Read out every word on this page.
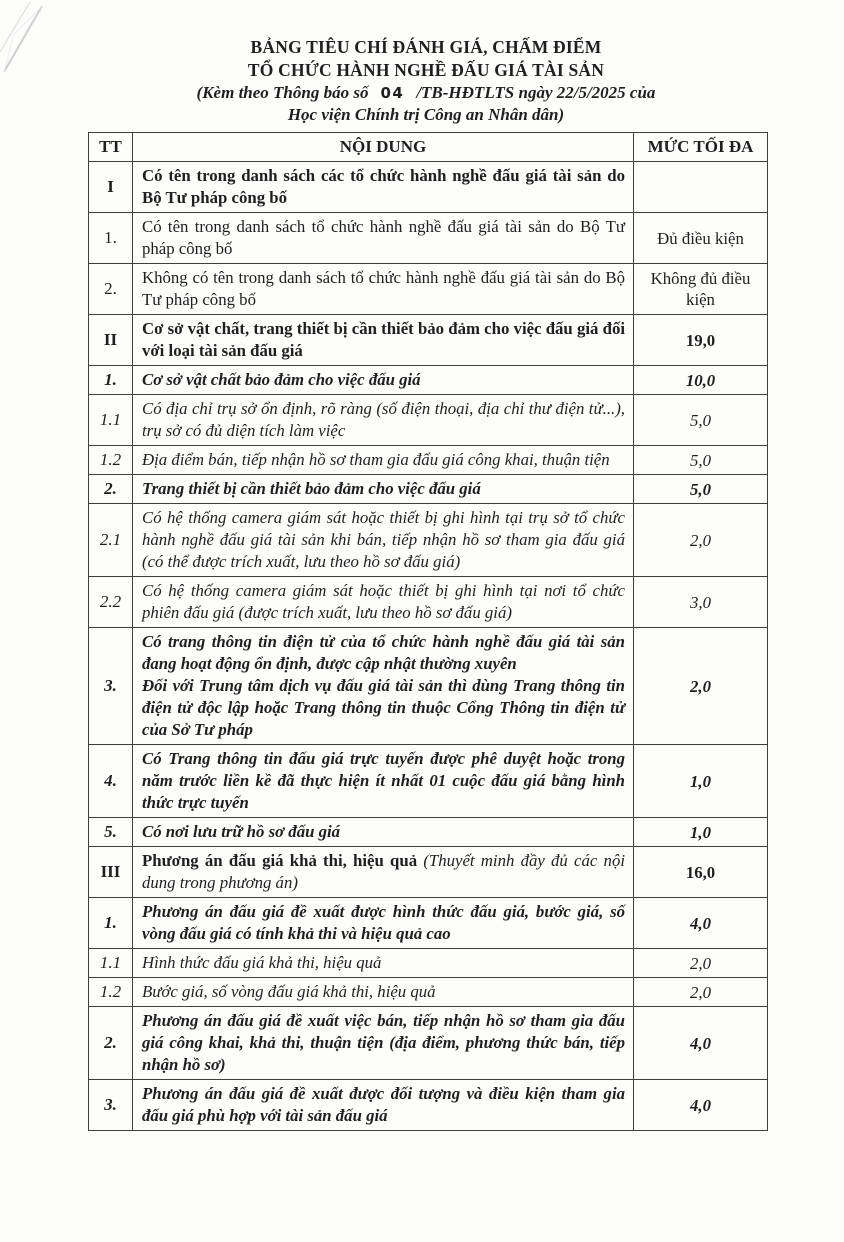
BẢNG TIÊU CHÍ ĐÁNH GIÁ, CHẤM ĐIỂM
TỔ CHỨC HÀNH NGHỀ ĐẤU GIÁ TÀI SẢN
(Kèm theo Thông báo số 04 /TB-HĐTLTS ngày 22/5/2025 của
Học viện Chính trị Công an Nhân dân)
TT	NỘI DUNG	MỨC TỐI ĐA
I	Có tên trong danh sách các tổ chức hành nghề đấu giá tài sản do Bộ Tư pháp công bố	

1.	Có tên trong danh sách tổ chức hành nghề đấu giá tài sản do Bộ Tư pháp công bố	Đủ điều kiện
2.	Không có tên trong danh sách tổ chức hành nghề đấu giá tài sản do Bộ Tư pháp công bố	Không đủ điều kiện
II	Cơ sở vật chất, trang thiết bị cần thiết bảo đảm cho việc đấu giá đối với loại tài sản đấu giá	19,0
1.	Cơ sở vật chất bảo đảm cho việc đấu giá	10,0
1.1	Có địa chỉ trụ sở ổn định, rõ ràng (số điện thoại, địa chỉ thư điện tử...), trụ sở có đủ diện tích làm việc	5,0
1.2	Địa điểm bán, tiếp nhận hồ sơ tham gia đấu giá công khai, thuận tiện	5,0
2.	Trang thiết bị cần thiết bảo đảm cho việc đấu giá	5,0
2.1	Có hệ thống camera giám sát hoặc thiết bị ghi hình tại trụ sở tổ chức hành nghề đấu giá tài sản khi bán, tiếp nhận hồ sơ tham gia đấu giá (có thể được trích xuất, lưu theo hồ sơ đấu giá)	2,0
2.2	Có hệ thống camera giám sát hoặc thiết bị ghi hình tại nơi tổ chức phiên đấu giá (được trích xuất, lưu theo hồ sơ đấu giá)	3,0
3.	Có trang thông tin điện tử của tổ chức hành nghề đấu giá tài sản đang hoạt động ổn định, được cập nhật thường xuyên
Đối với Trung tâm dịch vụ đấu giá tài sản thì dùng Trang thông tin điện tử độc lập hoặc Trang thông tin thuộc Cổng Thông tin điện tử của Sở Tư pháp	2,0
4.	Có Trang thông tin đấu giá trực tuyến được phê duyệt hoặc trong năm trước liền kề đã thực hiện ít nhất 01 cuộc đấu giá bằng hình thức trực tuyến	1,0
5.	Có nơi lưu trữ hồ sơ đấu giá	1,0
III	Phương án đấu giá khả thi, hiệu quả (Thuyết minh đầy đủ các nội dung trong phương án)	16,0
1.	Phương án đấu giá đề xuất được hình thức đấu giá, bước giá, số vòng đấu giá có tính khả thi và hiệu quả cao	4,0
1.1	Hình thức đấu giá khả thi, hiệu quả	2,0
1.2	Bước giá, số vòng đấu giá khả thi, hiệu quả	2,0
2.	Phương án đấu giá đề xuất việc bán, tiếp nhận hồ sơ tham gia đấu giá công khai, khả thi, thuận tiện (địa điểm, phương thức bán, tiếp nhận hồ sơ)	4,0
3.	Phương án đấu giá đề xuất được đối tượng và điều kiện tham gia đấu giá phù hợp với tài sản đấu giá	4,0
